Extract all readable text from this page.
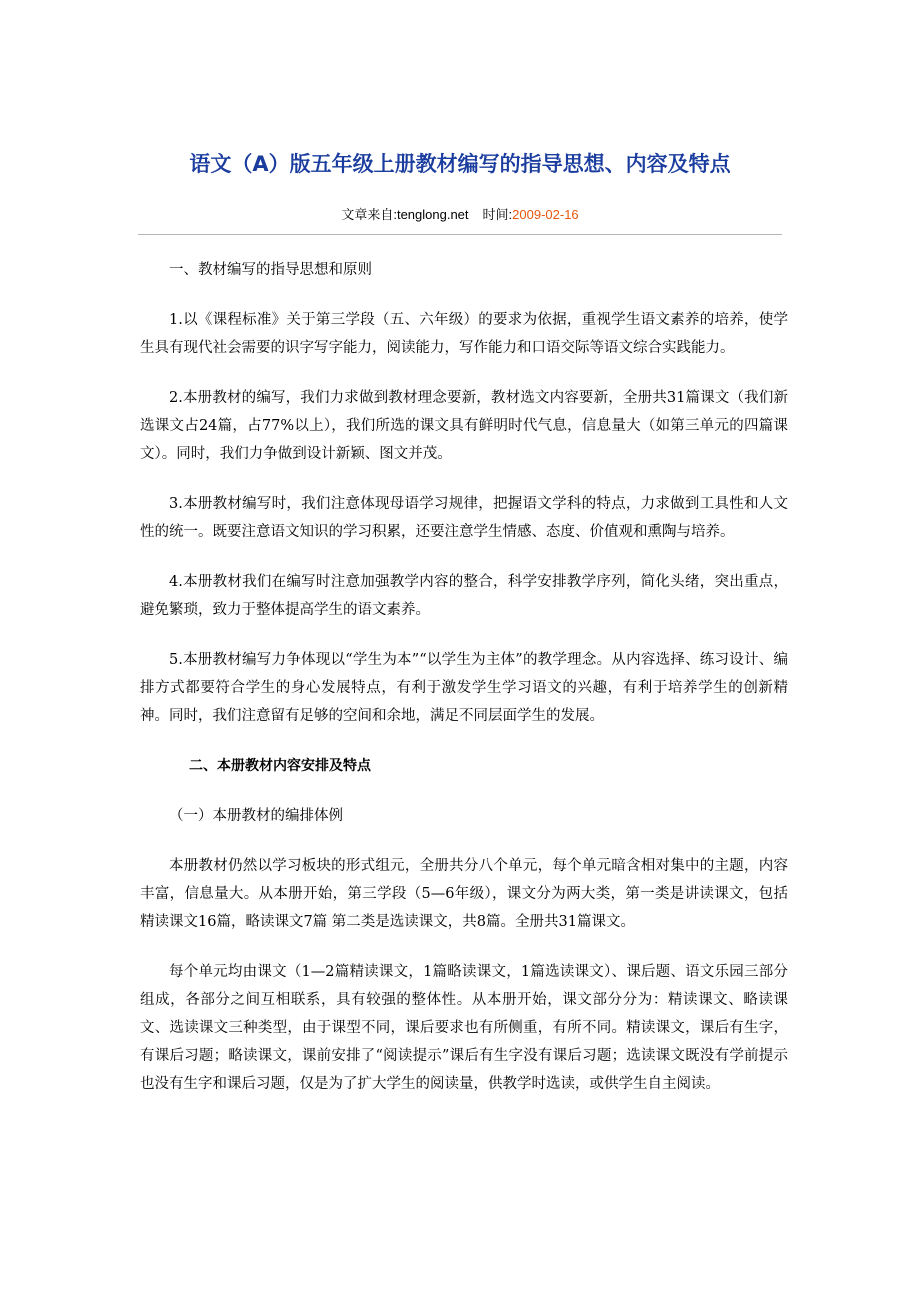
语文（A）版五年级上册教材编写的指导思想、内容及特点
文章来自:tenglong.net 时间:2009-02-16

一、教材编写的指导思想和原则

1.以《课程标准》关于第三学段（五、六年级）的要求为依据，重视学生语文素养的培养，使学生具有现代社会需要的识字写字能力，阅读能力，写作能力和口语交际等语文综合实践能力。

2.本册教材的编写，我们力求做到教材理念要新，教材选文内容要新，全册共31篇课文（我们新选课文占24篇，占77%以上），我们所选的课文具有鲜明时代气息，信息量大（如第三单元的四篇课文）。同时，我们力争做到设计新颖、图文并茂。

3.本册教材编写时，我们注意体现母语学习规律，把握语文学科的特点，力求做到工具性和人文性的统一。既要注意语文知识的学习积累，还要注意学生情感、态度、价值观和熏陶与培养。

4.本册教材我们在编写时注意加强教学内容的整合，科学安排教学序列，简化头绪，突出重点，避免繁琐，致力于整体提高学生的语文素养。

5.本册教材编写力争体现以“学生为本”“以学生为主体”的教学理念。从内容选择、练习设计、编排方式都要符合学生的身心发展特点，有利于激发学生学习语文的兴趣，有利于培养学生的创新精神。同时，我们注意留有足够的空间和余地，满足不同层面学生的发展。

二、本册教材内容安排及特点

（一）本册教材的编排体例

本册教材仍然以学习板块的形式组元，全册共分八个单元，每个单元暗含相对集中的主题，内容丰富，信息量大。从本册开始，第三学段（5—6年级），课文分为两大类，第一类是讲读课文，包括精读课文16篇，略读课文7篇 第二类是选读课文，共8篇。全册共31篇课文。

每个单元均由课文（1—2篇精读课文，1篇略读课文，1篇选读课文）、课后题、语文乐园三部分组成，各部分之间互相联系，具有较强的整体性。从本册开始，课文部分分为：精读课文、略读课文、选读课文三种类型，由于课型不同，课后要求也有所侧重，有所不同。精读课文，课后有生字，有课后习题；略读课文，课前安排了“阅读提示”课后有生字没有课后习题；选读课文既没有学前提示也没有生字和课后习题，仅是为了扩大学生的阅读量，供教学时选读，或供学生自主阅读。
